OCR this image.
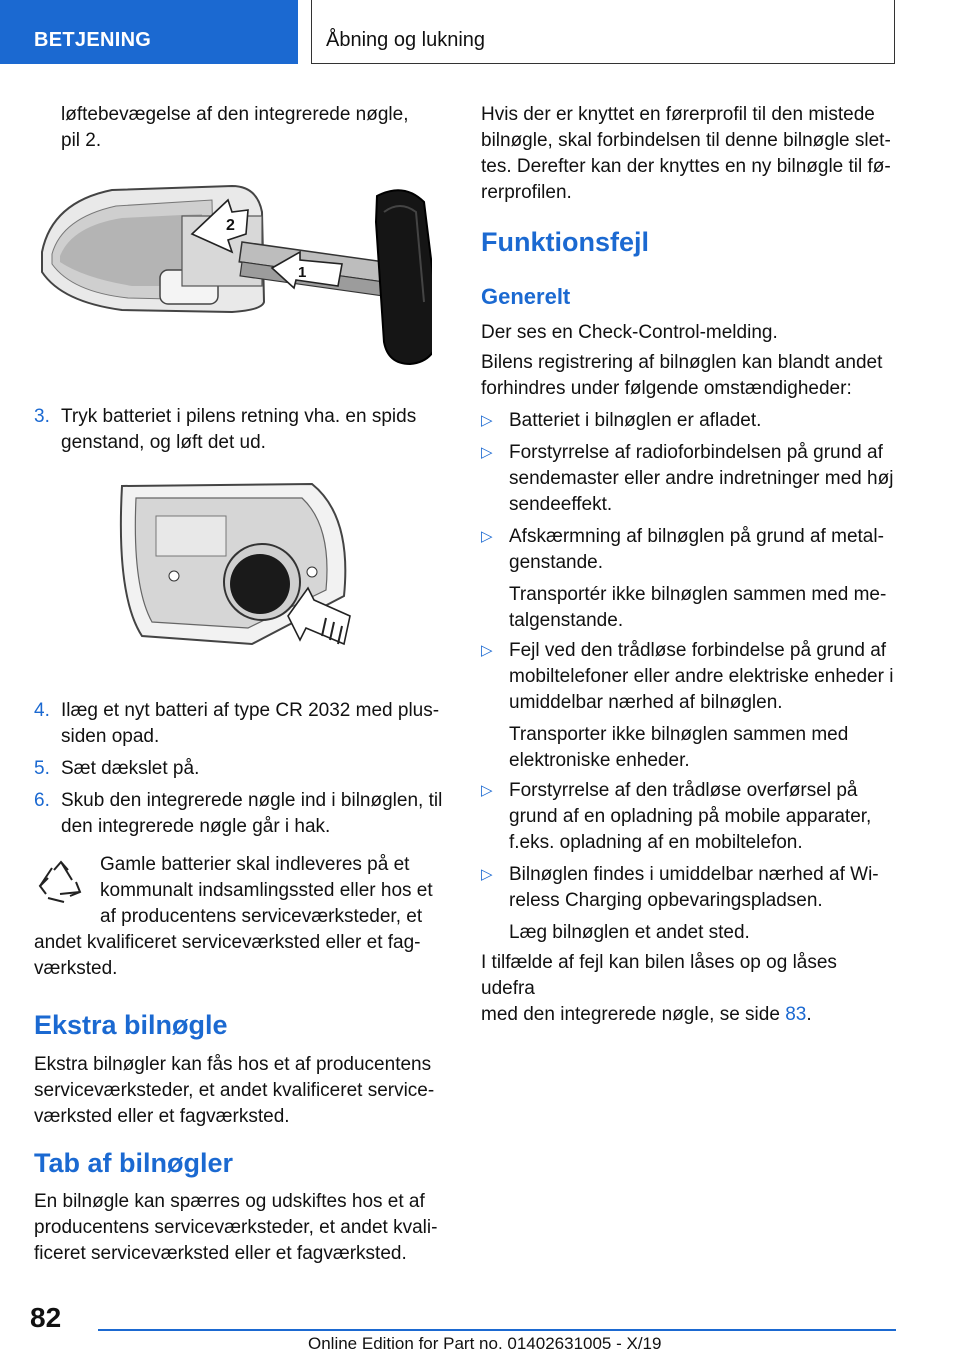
BETJENING	Åbning og lukning
løftebevægelse af den integrerede nøgle,
pil 2.
2
1
3. Tryk batteriet i pilens retning vha. en spids
genstand, og løft det ud.
4. Ilæg et nyt batteri af type CR 2032 med plus-
siden opad.
5. Sæt dækslet på.
6. Skub den integrerede nøgle ind i bilnøglen, til
den integrerede nøgle går i hak.
Gamle batterier skal indleveres på et
kommunalt indsamlingssted eller hos et
af producentens serviceværksteder, et
andet kvalificeret serviceværksted eller et fag-
værksted.
Ekstra bilnøgle
Ekstra bilnøgler kan fås hos et af producentens
serviceværksteder, et andet kvalificeret service-
værksted eller et fagværksted.
Tab af bilnøgler
En bilnøgle kan spærres og udskiftes hos et af
producentens serviceværksteder, et andet kvali-
ficeret serviceværksted eller et fagværksted.
Hvis der er knyttet en førerprofil til den mistede
bilnøgle, skal forbindelsen til denne bilnøgle slet-
tes. Derefter kan der knyttes en ny bilnøgle til fø-
rerprofilen.
Funktionsfejl
Generelt
Der ses en Check-Control-melding.
Bilens registrering af bilnøglen kan blandt andet
forhindres under følgende omstændigheder:
▷ Batteriet i bilnøglen er afladet.
▷ Forstyrrelse af radioforbindelsen på grund af
sendemaster eller andre indretninger med høj
sendeeffekt.
▷ Afskærmning af bilnøglen på grund af metal-
genstande.
Transportér ikke bilnøglen sammen med me-
talgenstande.
▷ Fejl ved den trådløse forbindelse på grund af
mobiltelefoner eller andre elektriske enheder i
umiddelbar nærhed af bilnøglen.
Transporter ikke bilnøglen sammen med
elektroniske enheder.
▷ Forstyrrelse af den trådløse overførsel på
grund af en opladning på mobile apparater,
f.eks. opladning af en mobiltelefon.
▷ Bilnøglen findes i umiddelbar nærhed af Wi-
reless Charging opbevaringspladsen.
Læg bilnøglen et andet sted.
I tilfælde af fejl kan bilen låses op og låses udefra
med den integrerede nøgle, se side 83.
82
Online Edition for Part no. 01402631005 - X/19
